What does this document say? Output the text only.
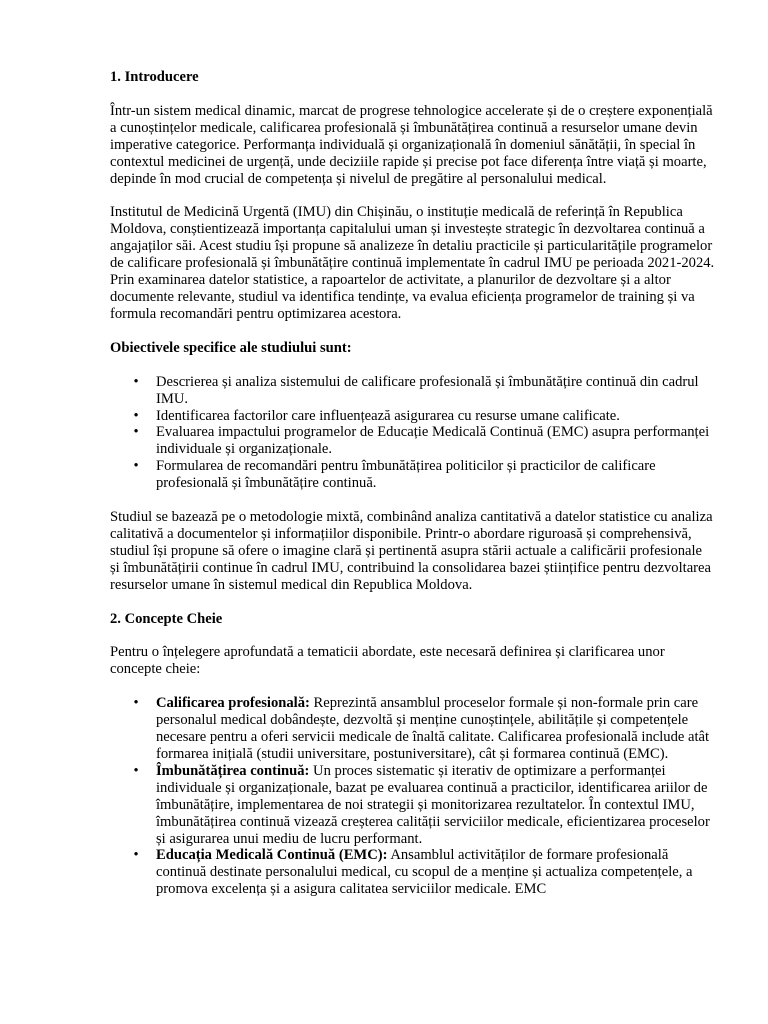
1. Introducere

Într-un sistem medical dinamic, marcat de progrese tehnologice accelerate și de o creștere exponențială a cunoștințelor medicale, calificarea profesională și îmbunătățirea continuă a resurselor umane devin imperative categorice. Performanța individuală și organizațională în domeniul sănătății, în special în contextul medicinei de urgență, unde deciziile rapide și precise pot face diferența între viață și moarte, depinde în mod crucial de competența și nivelul de pregătire al personalului medical.

Institutul de Medicină Urgentă (IMU) din Chișinău, o instituție medicală de referință în Republica Moldova, conștientizează importanța capitalului uman și investește strategic în dezvoltarea continuă a angajaților săi. Acest studiu își propune să analizeze în detaliu practicile și particularitățile programelor de calificare profesională și îmbunătățire continuă implementate în cadrul IMU pe perioada 2021-2024. Prin examinarea datelor statistice, a rapoartelor de activitate, a planurilor de dezvoltare și a altor documente relevante, studiul va identifica tendințe, va evalua eficiența programelor de training și va formula recomandări pentru optimizarea acestora.

Obiectivele specifice ale studiului sunt:

• Descrierea și analiza sistemului de calificare profesională și îmbunătățire continuă din cadrul IMU.
• Identificarea factorilor care influențează asigurarea cu resurse umane calificate.
• Evaluarea impactului programelor de Educație Medicală Continuă (EMC) asupra performanței individuale și organizaționale.
• Formularea de recomandări pentru îmbunătățirea politicilor și practicilor de calificare profesională și îmbunătățire continuă.

Studiul se bazează pe o metodologie mixtă, combinând analiza cantitativă a datelor statistice cu analiza calitativă a documentelor și informațiilor disponibile. Printr-o abordare riguroasă și comprehensivă, studiul își propune să ofere o imagine clară și pertinentă asupra stării actuale a calificării profesionale și îmbunătățirii continue în cadrul IMU, contribuind la consolidarea bazei științifice pentru dezvoltarea resurselor umane în sistemul medical din Republica Moldova.

2. Concepte Cheie

Pentru o înțelegere aprofundată a tematicii abordate, este necesară definirea și clarificarea unor concepte cheie:

• Calificarea profesională: Reprezintă ansamblul proceselor formale și non-formale prin care personalul medical dobândește, dezvoltă și menține cunoștințele, abilitățile și competențele necesare pentru a oferi servicii medicale de înaltă calitate. Calificarea profesională include atât formarea inițială (studii universitare, postuniversitare), cât și formarea continuă (EMC).
• Îmbunătățirea continuă: Un proces sistematic și iterativ de optimizare a performanței individuale și organizaționale, bazat pe evaluarea continuă a practicilor, identificarea ariilor de îmbunătățire, implementarea de noi strategii și monitorizarea rezultatelor. În contextul IMU, îmbunătățirea continuă vizează creșterea calității serviciilor medicale, eficientizarea proceselor și asigurarea unui mediu de lucru performant.
• Educația Medicală Continuă (EMC): Ansamblul activităților de formare profesională continuă destinate personalului medical, cu scopul de a menține și actualiza competențele, a promova excelența și a asigura calitatea serviciilor medicale. EMC
